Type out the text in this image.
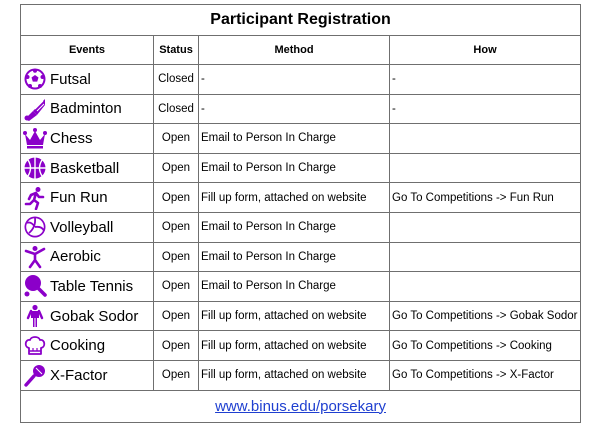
Participant Registration			
Events	Status	Method	How

Futsal	Closed	-	-

Badminton	Closed	-	-

Chess	Open	Email to Person In Charge	

Basketball	Open	Email to Person In Charge	

Fun Run	Open	Fill up form, attached on website	Go To Competitions -> Fun Run

Volleyball	Open	Email to Person In Charge	

Aerobic	Open	Email to Person In Charge	

Table Tennis	Open	Email to Person In Charge	

Gobak Sodor	Open	Fill up form, attached on website	Go To Competitions -> Gobak Sodor

Cooking	Open	Fill up form, attached on website	Go To Competitions -> Cooking

X-Factor	Open	Fill up form, attached on website	Go To Competitions -> X-Factor
www.binus.edu/porsekary			
